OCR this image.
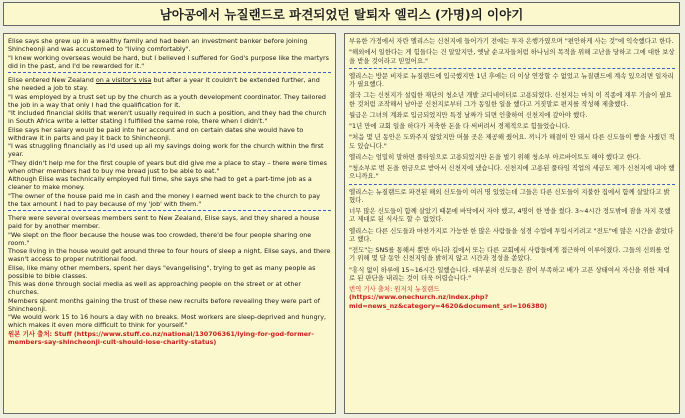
남아공에서 뉴질랜드로 파견되었던 탈퇴자 엘리스 (가명)의 이야기

Elise says she grew up in a wealthy family and had been an investment banker before joining Shincheonji and was accustomed to "living comfortably".

"I knew working overseas would be hard, but I believed I suffered for God's purpose like the martyrs did in the past, and I'd be rewarded for it."

Elise entered New Zealand on a visitor's visa but after a year it couldn't be extended further, and she needed a job to stay.

"I was employed by a trust set up by the church as a youth development coordinator. They tailored the job in a way that only I had the qualification for it.

"It included financial skills that weren't usually required in such a position, and they had the church in South Africa write a letter stating I fulfilled the same role, there when I didn't."

Elise says her salary would be paid into her account and on certain dates she would have to withdraw it in parts and pay it back to Shincheonji.

"I was struggling financially as I'd used up all my savings doing work for the church within the first year.

"They didn't help me for the first couple of years but did give me a place to stay – there were times when other members had to buy me bread just to be able to eat."

Although Elise was technically employed full time, she says she had to get a part-time job as a cleaner to make money.

"The owner of the house paid me in cash and the money I earned went back to the church to pay the tax amount I had to pay because of my 'job' with them."

There were several overseas members sent to New Zealand, Elise says, and they shared a house paid for by another member.

"We slept on the floor because the house was too crowded, there'd be four people sharing one room."

Those living in the house would get around three to four hours of sleep a night, Elise says, and there wasn't access to proper nutritional food.

Elise, like many other members, spent her days "evangelising", trying to get as many people as possible to bible classes.

This was done through social media as well as approaching people on the street or at other churches.

Members spent months gaining the trust of these new recruits before revealing they were part of Shincheonji.

"We would work 15 to 16 hours a day with no breaks. Most workers are sleep-deprived and hungry, which makes it even more difficult to think for yourself."

원본 기사 출처: Stuff (https://www.stuff.co.nz/national/130706361/lying-for-god-former-members-say-shincheonji-cult-should-lose-charity-status)

부유한 가정에서 자란 엘리스는 신천지에 들어가기 전에는 투자 은행가였으며 "편안하게 사는 것"에 익숙했다고 한다.

"해외에서 일한다는 게 힘들다는 건 알았지만, 옛날 순교자들처럼 하나님의 목적을 위해 고난을 당하고 그에 대한 보상을 받을 것이라고 믿었어요."

엘리스는 방문 비자로 뉴질랜드에 입국했지만 1년 후에는 더 이상 연장할 수 없었고 뉴질랜드에 계속 있으려면 일자리가 필요했다.

결국 그는 신천지가 설립한 재단의 청소년 개발 코디네이터로 고용되었다. 신천지는 마치 이 직종에 재무 기술이 필요한 것처럼 조작해서 남아공 신천지로부터 그가 동일한 일을 했다고 거짓말로 편지를 작성해 제출했다.

월급은 그녀의 계좌로 입금되었지만 특정 날짜가 되면 인출하여 신천지에 갚아야 했다.

"1년 만에 교회 일을 하다가 저축한 돈을 다 써버려서 경제적으로 힘들었습니다.

"처음 몇 년 동안은 도와주지 않았지만 머물 곳은 제공해 줬어요. 끼니가 해결이 안 돼서 다른 신도들이 빵을 사줬던 적도 있습니다."

엘리스는 엄밀히 말하면 풀타임으로 고용되었지만 돈을 벌기 위해 청소부 아르바이트도 해야 했다고 한다.

"청소부로 번 돈을 현금으로 받아서 신천지에 냈습니다. 신천지에 고용된 풀타임 직업의 세금도 제가 신천지에 내야 했으니까요."

엘리스는 뉴질랜드로 파견된 해외 신도들이 여러 명 있었는데 그들은 다른 신도들이 지불한 집에서 함께 살았다고 밝혔다.

너무 많은 신도들이 함께 살았기 때문에 바닥에서 자야 했고, 4명이 한 방을 썼다. 3~4시간 정도밖에 잠을 자지 못했고 제대로 된 식사도 할 수 없었다.

엘리스는 다른 신도들과 마찬가지로 가능한 한 많은 사람들을 성경 수업에 투입시키려고 "전도"에 많은 시간을 쏟았다고 했다.

"전도"는 SNS를 통해서 뿐만 아니라 길에서 또는 다른 교회에서 사람들에게 접근하여 이루어졌다. 그들의 신뢰를 얻기 위해 몇 달 동안 신천지임을 밝히지 않고 시간과 정성을 쏟았다.

"휴식 없이 하루에 15~16시간 일했습니다. 대부분의 신도들은 잠이 부족하고 배가 고픈 상태여서 자신을 위한 제대로 된 판단을 내리는 것이 더욱 어렵습니다."

번역 기사 출처: 원저치 뉴질랜드
(https://www.onechurch.nz/index.php?mid=news_nz&category=4620&document_srl=106380)
